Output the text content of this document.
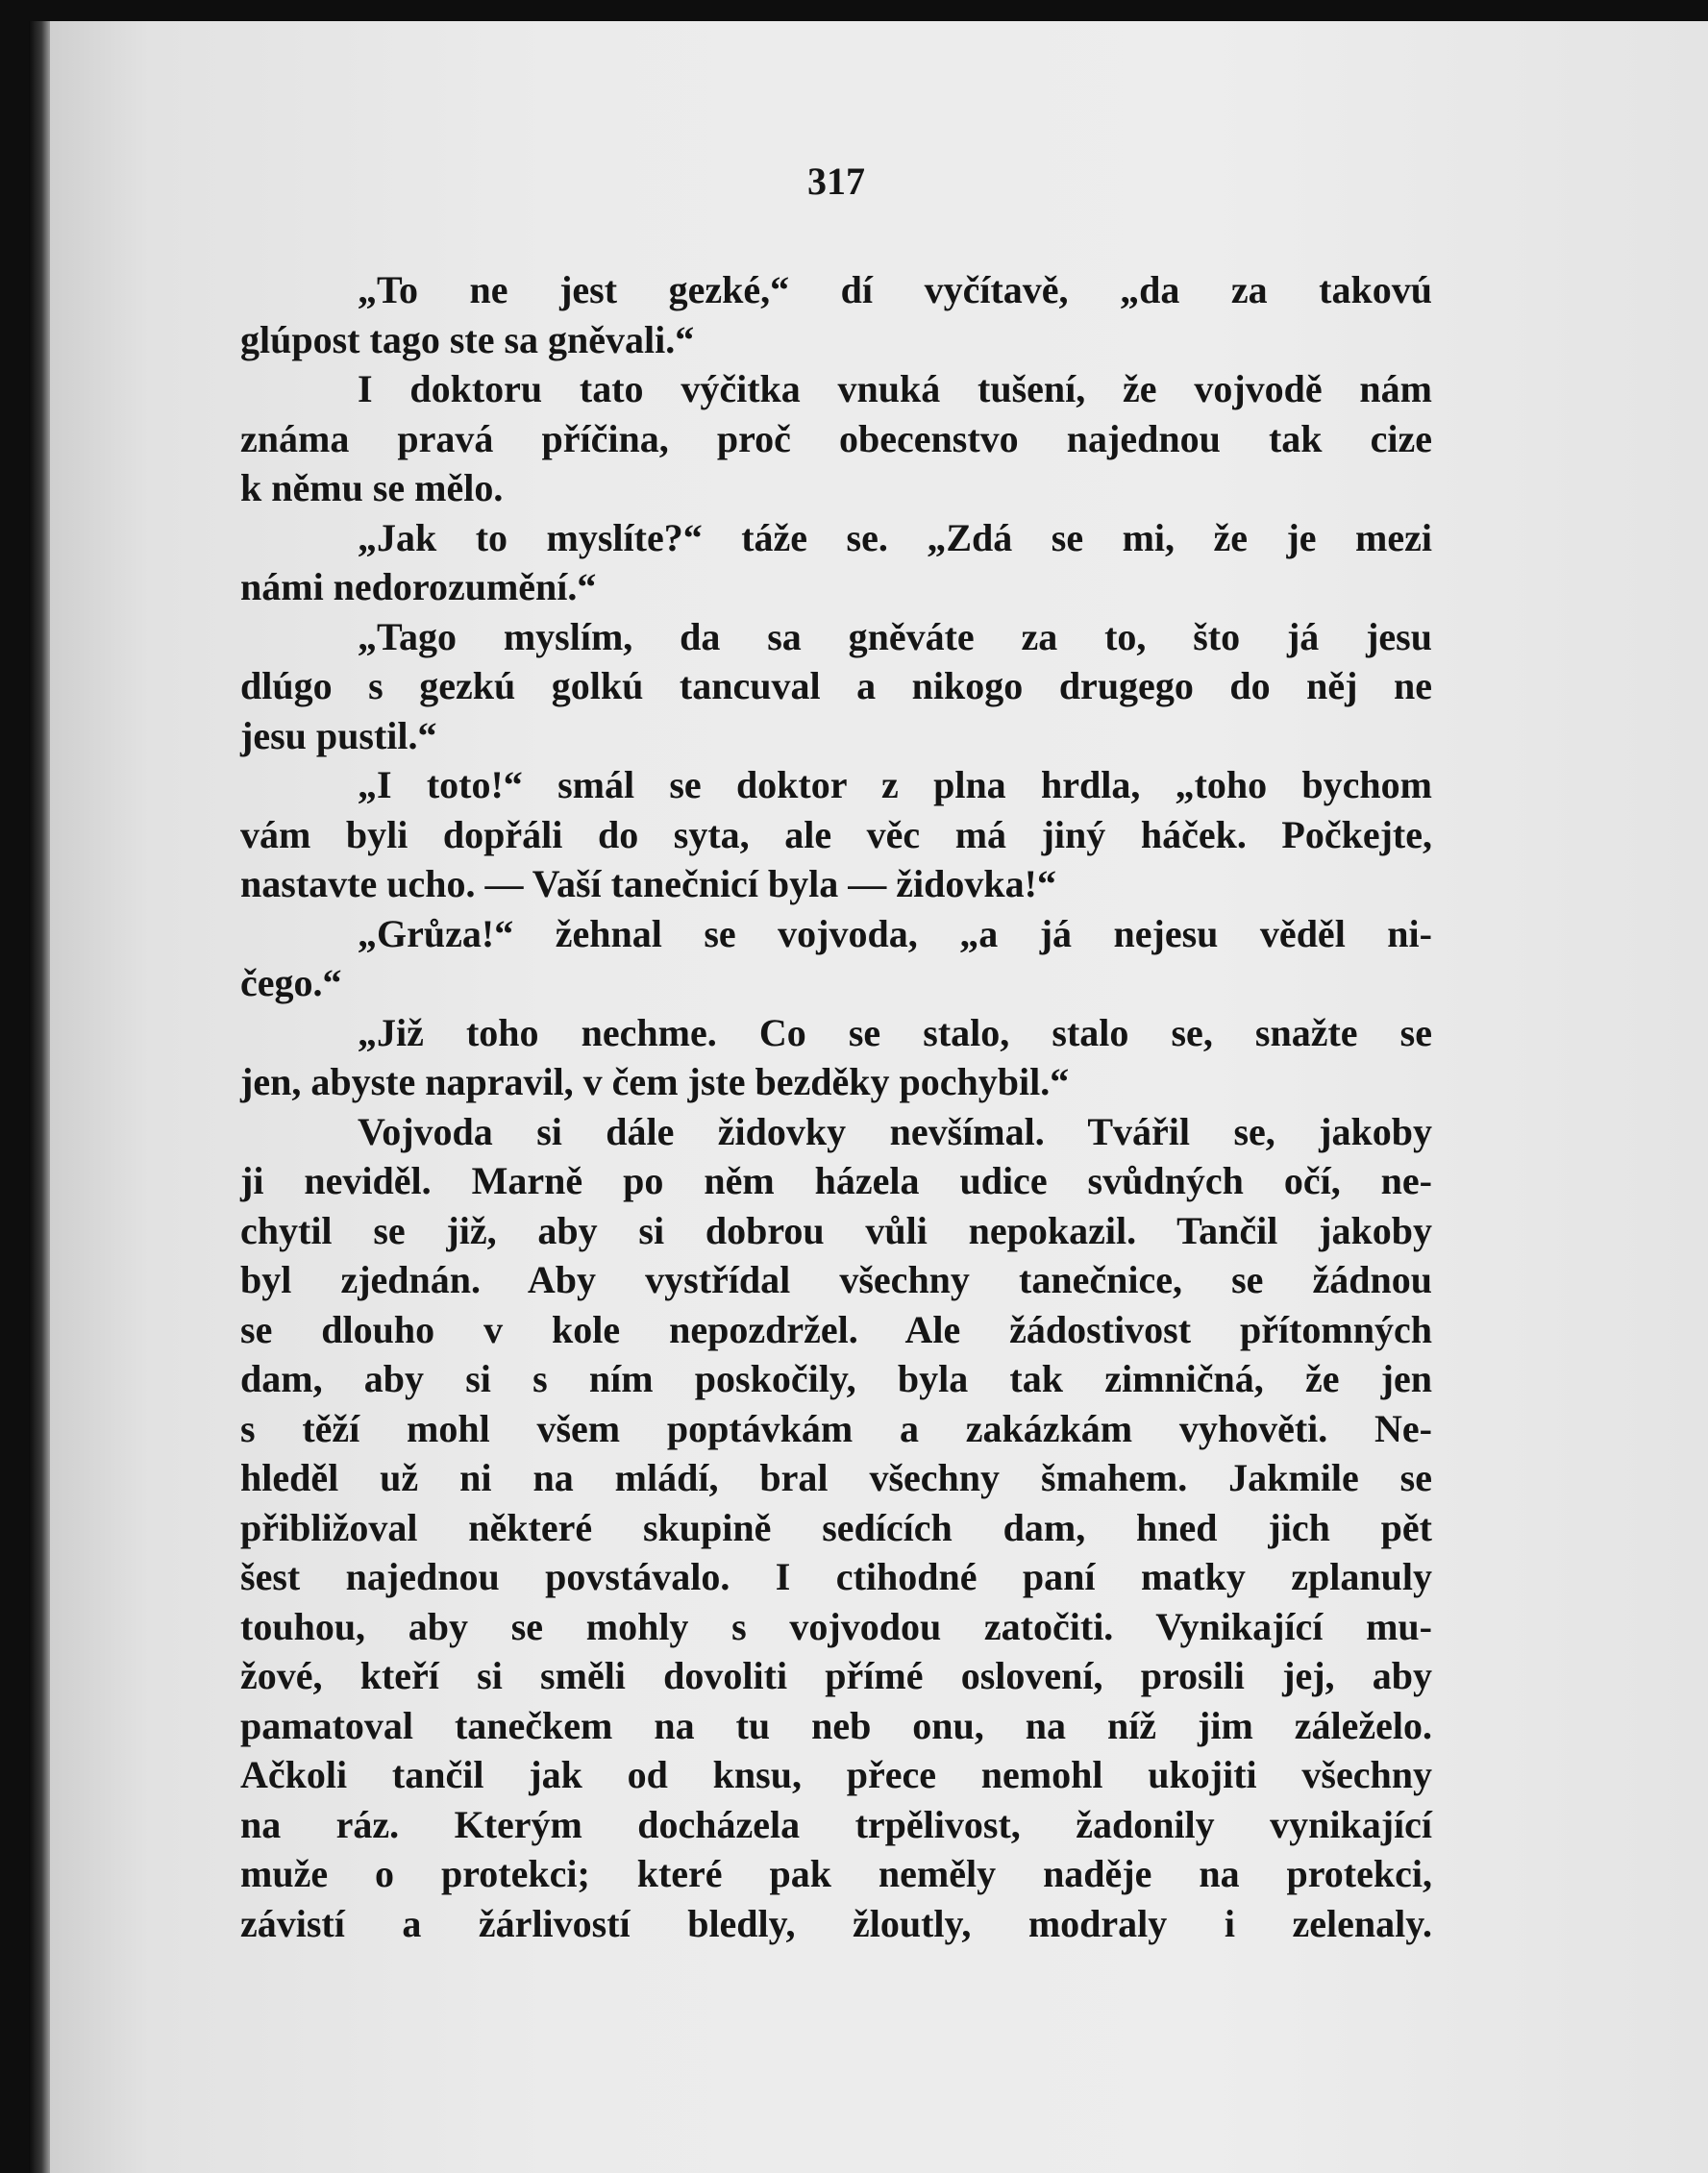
317
„To ne jest gezké,“ dí vyčítavě, „da za takovú
glúpost tago ste sa gněvali.“
I doktoru tato výčitka vnuká tušení, že vojvodě nám
známa pravá příčina, proč obecenstvo najednou tak cize
k němu se mělo.
„Jak to myslíte?“ táže se. „Zdá se mi, že je mezi
námi nedorozumění.“
„Tago myslím, da sa gněváte za to, što já jesu
dlúgo s gezkú golkú tancuval a nikogo drugego do něj ne
jesu pustil.“
„I toto!“ smál se doktor z plna hrdla, „toho bychom
vám byli dopřáli do syta, ale věc má jiný háček. Počkejte,
nastavte ucho. — Vaší tanečnicí byla — židovka!“
„Grůza!“ žehnal se vojvoda, „a já nejesu věděl ni-
čego.“
„Již toho nechme. Co se stalo, stalo se, snažte se
jen, abyste napravil, v čem jste bezděky pochybil.“
Vojvoda si dále židovky nevšímal. Tvářil se, jakoby
ji neviděl. Marně po něm házela udice svůdných očí, ne-
chytil se již, aby si dobrou vůli nepokazil. Tančil jakoby
byl zjednán. Aby vystřídal všechny tanečnice, se žádnou
se dlouho v kole nepozdržel. Ale žádostivost přítomných
dam, aby si s ním poskočily, byla tak zimničná, že jen
s těží mohl všem poptávkám a zakázkám vyhověti. Ne-
hleděl už ni na mládí, bral všechny šmahem. Jakmile se
přibližoval některé skupině sedících dam, hned jich pět
šest najednou povstávalo. I ctihodné paní matky zplanuly
touhou, aby se mohly s vojvodou zatočiti. Vynikající mu-
žové, kteří si směli dovoliti přímé oslovení, prosili jej, aby
pamatoval tanečkem na tu neb onu, na níž jim záleželo.
Ačkoli tančil jak od knsu, přece nemohl ukojiti všechny
na ráz. Kterým docházela trpělivost, žadonily vynikající
muže o protekci; které pak neměly naděje na protekci,
závistí a žárlivostí bledly, žloutly, modraly i zelenaly.
